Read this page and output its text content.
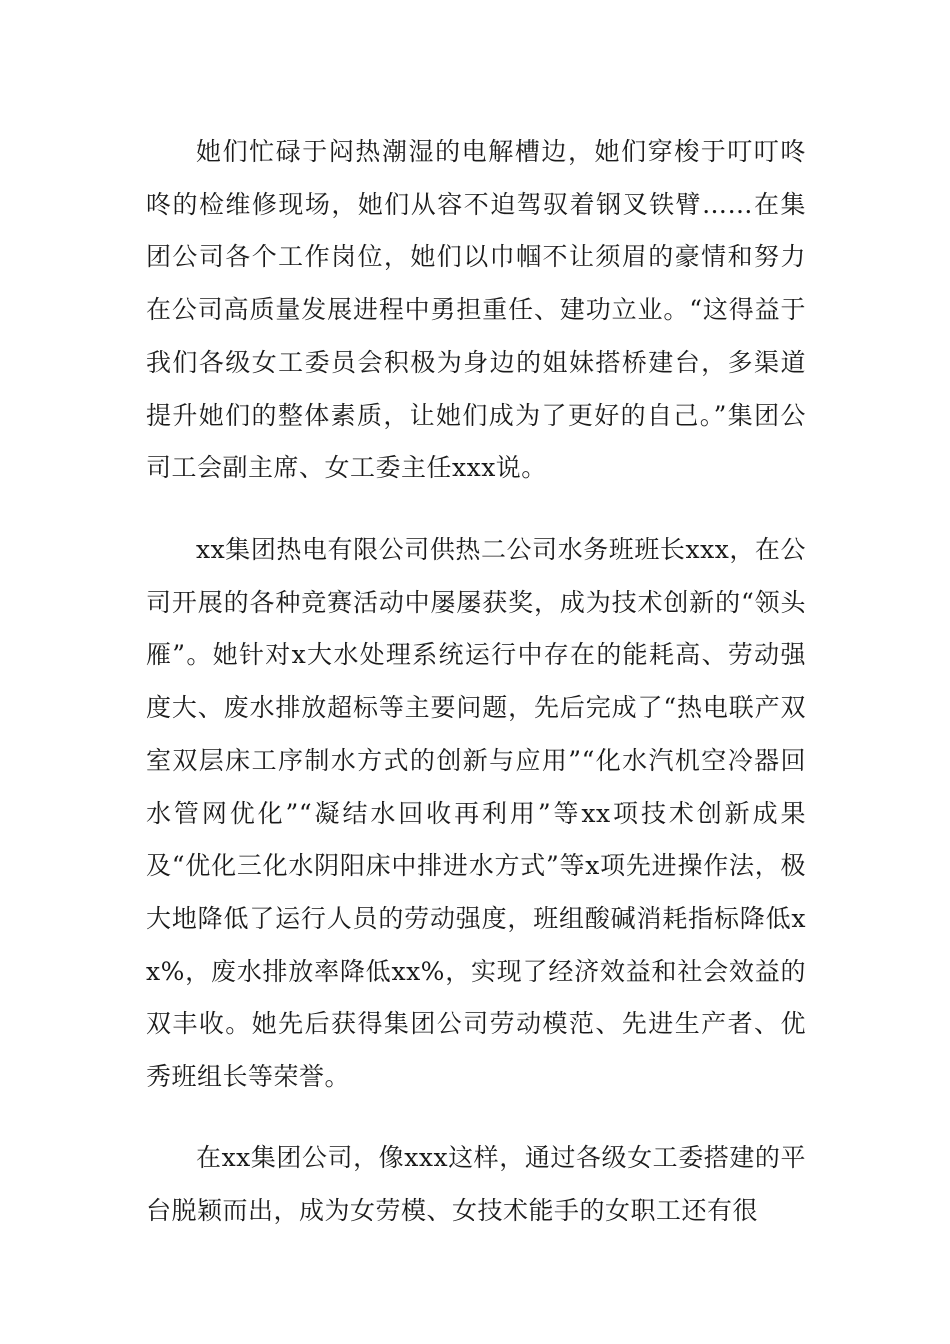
她们忙碌于闷热潮湿的电解槽边，她们穿梭于叮叮咚咚的检维修现场，她们从容不迫驾驭着钢叉铁臂……在集团公司各个工作岗位，她们以巾帼不让须眉的豪情和努力在公司高质量发展进程中勇担重任、建功立业。“这得益于我们各级女工委员会积极为身边的姐妹搭桥建台，多渠道提升她们的整体素质，让她们成为了更好的自己。”集团公司工会副主席、女工委主任xxx说。

xx集团热电有限公司供热二公司水务班班长xxx，在公司开展的各种竞赛活动中屡屡获奖，成为技术创新的“领头雁”。她针对x大水处理系统运行中存在的能耗高、劳动强度大、废水排放超标等主要问题，先后完成了“热电联产双室双层床工序制水方式的创新与应用”“化水汽机空冷器回水管网优化”“凝结水回收再利用”等xx项技术创新成果及“优化三化水阴阳床中排进水方式”等x项先进操作法，极大地降低了运行人员的劳动强度，班组酸碱消耗指标降低xx%，废水排放率降低xx%，实现了经济效益和社会效益的双丰收。她先后获得集团公司劳动模范、先进生产者、优秀班组长等荣誉。

在xx集团公司，像xxx这样，通过各级女工委搭建的平台脱颖而出，成为女劳模、女技术能手的女职工还有很
